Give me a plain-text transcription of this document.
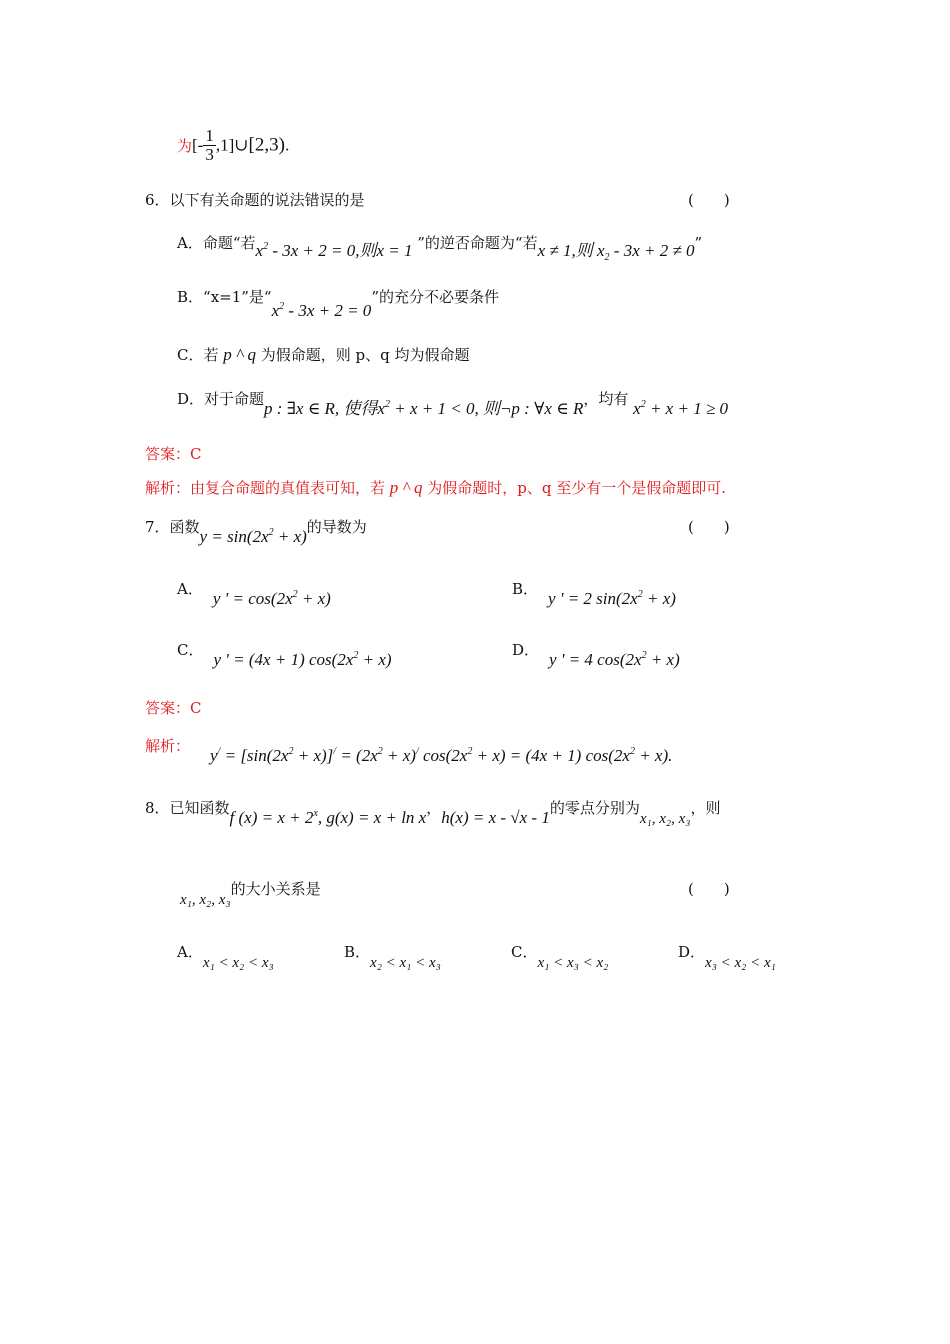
为[- $\frac{1}{3}$ ,1]∪[2,3).
6．以下有关命题的说法错误的是	(　　)
A．命题“若$x^2 - 3x + 2 = 0$,则x = 1 ”的逆否命题为“若x ≠ 1,则 $x_2 - 3x + 2 \ne 0$”
B．“x=1”是“$x^2 - 3x + 2 = 0$”的充分不必要条件
C．若 p ^ q 为假命题，则 p、q 均为假命题
D．对于命题p : ∃x ∈ R, 使得$x^2 + x + 1 < 0$, 则¬p : ∀x ∈ R，均有 $x^2 + x + 1 \ge 0$
答案：C
解析：由复合命题的真值表可知，若 p ^ q 为假命题时，p、q 至少有一个是假命题即可.
7．函数$y = \sin(2x^2 + x)$的导数为	(　　)
A． y ' = $\cos(2x^2 + x)$	B． y ' = 2 $\sin(2x^2 + x)$
C． y ' = (4x + 1) $\cos(2x^2 + x)$	D． y ' = 4 $\cos(2x^2 + x)$
答案：C
解析： $y^/ = [\sin(2x^2 + x)]^/ = (2x^2 + x)^/$ $\cos(2x^2 + x) = (4x + 1) \cos(2x^2 + x)$.
8．已知函数f $(x) = x + 2^x$, g(x) = x + ln x，h(x) = x - √x - 1的零点分别为x₁, x₂, x₃，则
x₁, x₂, x₃的大小关系是	(　　)
A．x₁ < x₂ < x₃
B．x₂ < x₁ < x₃
C．x₁ < x₃ < x₂
D．x₃ < x₂ < x₁
